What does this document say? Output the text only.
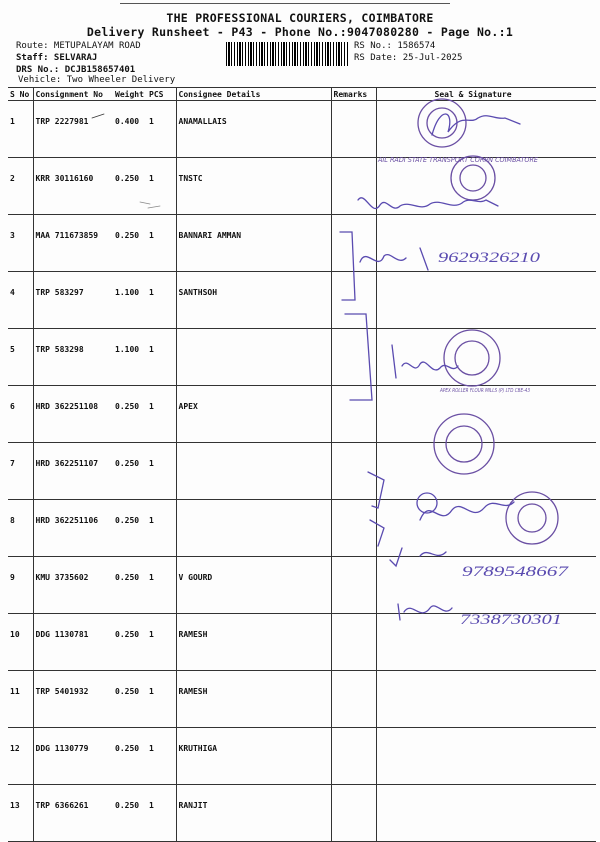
THE PROFESSIONAL COURIERS, COIMBATORE
Delivery Runsheet - P43 - Phone No.:9047080280 - Page No.:1
Route: METUPALAYAM ROAD
Staff: SELVARAJ
DRS No.: DCJB158657401
Vehicle: Two Wheeler Delivery
RS No.: 1586574
RS Date: 25-Jul-2025
S No	Consignment No	Weight	PCS	Consignee Details	Remarks	Seal & Signature
1	TRP 2227981	0.400	1	ANAMALLAIS		
2	KRR 30116160	0.250	1	TNSTC		
3	MAA 711673859	0.250	1	BANNARI AMMAN		
4	TRP 583297	1.100	1	SANTHSOH		
5	TRP 583298	1.100	1			
6	HRD 362251108	0.250	1	APEX		
7	HRD 362251107	0.250	1			
8	HRD 362251106	0.250	1			
9	KMU 3735602	0.250	1	V GOURD		
10	DDG 1130781	0.250	1	RAMESH		
11	TRP 5401932	0.250	1	RAMESH		
12	DDG 1130779	0.250	1	KRUTHIGA		
13	TRP 6366261	0.250	1	RANJIT		
AIL RADI STATE TRANSPORT CORPN COIMBATORE
APEX ROLLER FLOUR MILLS (P) LTD CBE-43
9629326210
9789548667
7338730301
